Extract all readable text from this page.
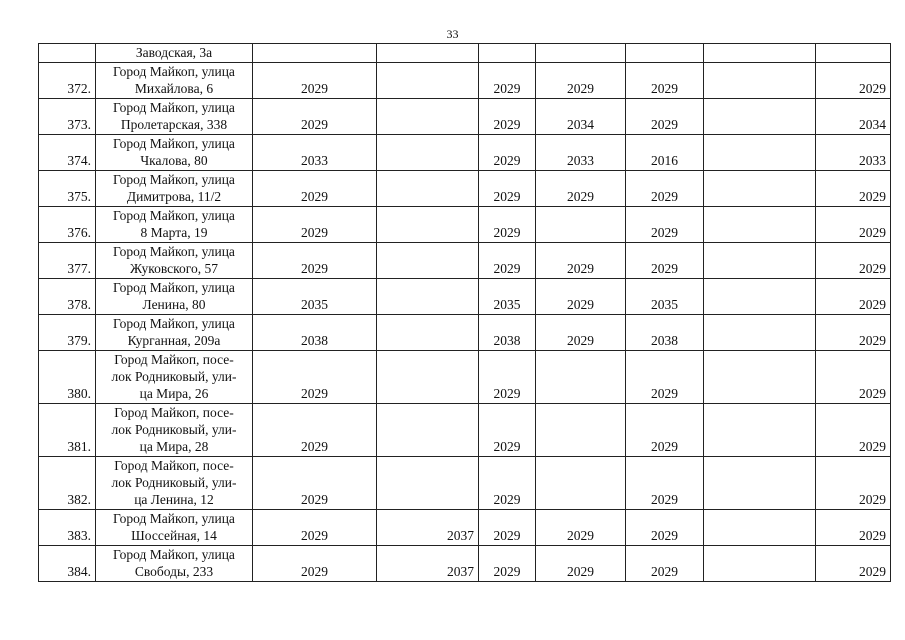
33

	Заводская, 3а							

372.	Город Майкоп, улица
Михайлова, 6	2029		2029	2029	2029		2029
373.	Город Майкоп, улица
Пролетарская, 338	2029		2029	2034	2029		2034
374.	Город Майкоп, улица
Чкалова, 80	2033		2029	2033	2016		2033
375.	Город Майкоп, улица
Димитрова, 11/2	2029		2029	2029	2029		2029
376.	Город Майкоп, улица
8 Марта, 19	2029		2029		2029		2029
377.	Город Майкоп, улица
Жуковского, 57	2029		2029	2029	2029		2029
378.	Город Майкоп, улица
Ленина, 80	2035		2035	2029	2035		2029
379.	Город Майкоп, улица
Курганная, 209а	2038		2038	2029	2038		2029
380.	Город Майкоп, посе-
лок Родниковый, ули-
ца Мира, 26	2029		2029		2029		2029
381.	Город Майкоп, посе-
лок Родниковый, ули-
ца Мира, 28	2029		2029		2029		2029
382.	Город Майкоп, посе-
лок Родниковый, ули-
ца Ленина, 12	2029		2029		2029		2029
383.	Город Майкоп, улица
Шоссейная, 14	2029	2037	2029	2029	2029		2029
384.	Город Майкоп, улица
Свободы, 233	2029	2037	2029	2029	2029		2029
